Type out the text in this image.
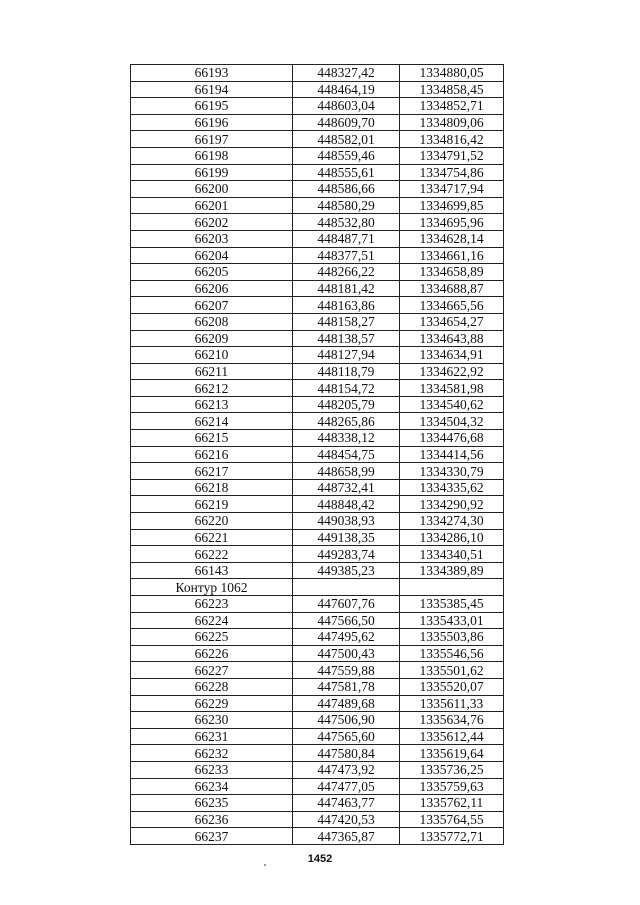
66193	448327,42	1334880,05
66194	448464,19	1334858,45
66195	448603,04	1334852,71
66196	448609,70	1334809,06
66197	448582,01	1334816,42
66198	448559,46	1334791,52
66199	448555,61	1334754,86
66200	448586,66	1334717,94
66201	448580,29	1334699,85
66202	448532,80	1334695,96
66203	448487,71	1334628,14
66204	448377,51	1334661,16
66205	448266,22	1334658,89
66206	448181,42	1334688,87
66207	448163,86	1334665,56
66208	448158,27	1334654,27
66209	448138,57	1334643,88
66210	448127,94	1334634,91
66211	448118,79	1334622,92
66212	448154,72	1334581,98
66213	448205,79	1334540,62
66214	448265,86	1334504,32
66215	448338,12	1334476,68
66216	448454,75	1334414,56
66217	448658,99	1334330,79
66218	448732,41	1334335,62
66219	448848,42	1334290,92
66220	449038,93	1334274,30
66221	449138,35	1334286,10
66222	449283,74	1334340,51
66143	449385,23	1334389,89
Контур 1062		
66223	447607,76	1335385,45
66224	447566,50	1335433,01
66225	447495,62	1335503,86
66226	447500,43	1335546,56
66227	447559,88	1335501,62
66228	447581,78	1335520,07
66229	447489,68	1335611,33
66230	447506,90	1335634,76
66231	447565,60	1335612,44
66232	447580,84	1335619,64
66233	447473,92	1335736,25
66234	447477,05	1335759,63
66235	447463,77	1335762,11
66236	447420,53	1335764,55
66237	447365,87	1335772,71
1452
